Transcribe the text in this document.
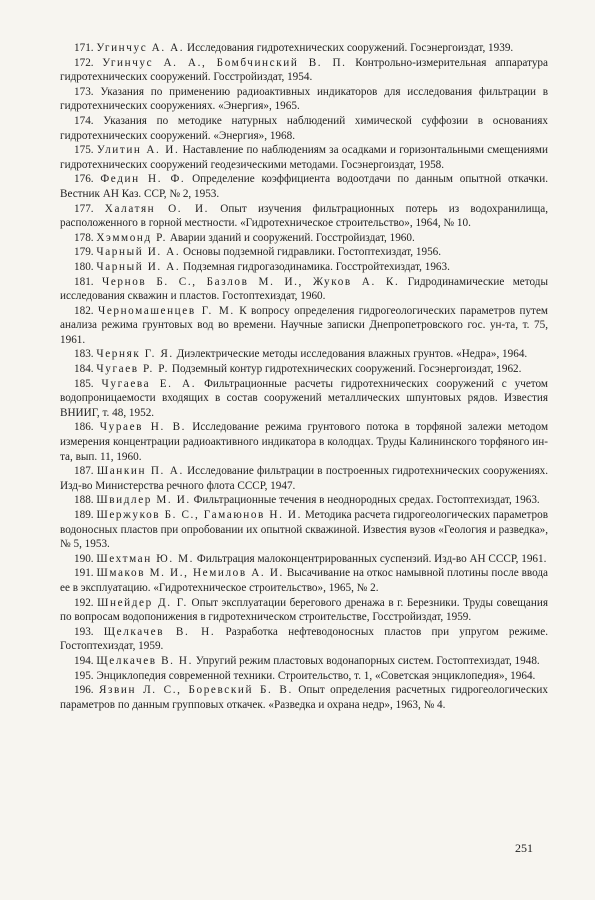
171. Угинчус А. А. Исследования гидротехнических сооружений. Госэнергоиздат, 1939.

172. Угинчус А. А., Бомбчинский В. П. Контрольно-измерительная аппаратура гидротехнических сооружений. Госстройиздат, 1954.

173. Указания по применению радиоактивных индикаторов для исследования фильтрации в гидротехнических сооружениях. «Энергия», 1965.

174. Указания по методике натурных наблюдений химической суффозии в основаниях гидротехнических сооружений. «Энергия», 1968.

175. Улитин А. И. Наставление по наблюдениям за осадками и горизонтальными смещениями гидротехнических сооружений геодезическими методами. Госэнергоиздат, 1958.

176. Федин Н. Ф. Определение коэффициента водоотдачи по данным опытной откачки. Вестник АН Каз. ССР, № 2, 1953.

177. Халатян О. И. Опыт изучения фильтрационных потерь из водохранилища, расположенного в горной местности. «Гидротехническое строительство», 1964, № 10.

178. Хэммонд Р. Аварии зданий и сооружений. Госстройиздат, 1960.

179. Чарный И. А. Основы подземной гидравлики. Гостоптехиздат, 1956.

180. Чарный И. А. Подземная гидрогазодинамика. Госстройтехиздат, 1963.

181. Чернов Б. С., Базлов М. И., Жуков А. К. Гидродинамические методы исследования скважин и пластов. Гостоптехиздат, 1960.

182. Черномашенцев Г. М. К вопросу определения гидрогеологических параметров путем анализа режима грунтовых вод во времени. Научные записки Днепропетровского гос. ун-та, т. 75, 1961.

183. Черняк Г. Я. Диэлектрические методы исследования влажных грунтов. «Недра», 1964.

184. Чугаев Р. Р. Подземный контур гидротехнических сооружений. Госэнергоиздат, 1962.

185. Чугаева Е. А. Фильтрационные расчеты гидротехнических сооружений с учетом водопроницаемости входящих в состав сооружений металлических шпунтовых рядов. Известия ВНИИГ, т. 48, 1952.

186. Чураев Н. В. Исследование режима грунтового потока в торфяной залежи методом измерения концентрации радиоактивного индикатора в колодцах. Труды Калининского торфяного ин-та, вып. 11, 1960.

187. Шанкин П. А. Исследование фильтрации в построенных гидротехнических сооружениях. Изд-во Министерства речного флота СССР, 1947.

188. Швидлер М. И. Фильтрационные течения в неоднородных средах. Гостоптехиздат, 1963.

189. Шержуков Б. С., Гамаюнов Н. И. Методика расчета гидрогеологических параметров водоносных пластов при опробовании их опытной скважиной. Известия вузов «Геология и разведка», № 5, 1953.

190. Шехтман Ю. М. Фильтрация малоконцентрированных суспензий. Изд-во АН СССР, 1961.

191. Шмаков М. И., Немилов А. И. Высачивание на откос намывной плотины после ввода ее в эксплуатацию. «Гидротехническое строительство», 1965, № 2.

192. Шнейдер Д. Г. Опыт эксплуатации берегового дренажа в г. Березники. Труды совещания по вопросам водопонижения в гидротехническом строительстве, Госстройиздат, 1959.

193. Щелкачев В. Н. Разработка нефтеводоносных пластов при упругом режиме. Гостоптехиздат, 1959.

194. Щелкачев В. Н. Упругий режим пластовых водонапорных систем. Гостоптехиздат, 1948.

195. Энциклопедия современной техники. Строительство, т. 1, «Советская энциклопедия», 1964.

196. Язвин Л. С., Боревский Б. В. Опыт определения расчетных гидрогеологических параметров по данным групповых откачек. «Разведка и охрана недр», 1963, № 4.

251
